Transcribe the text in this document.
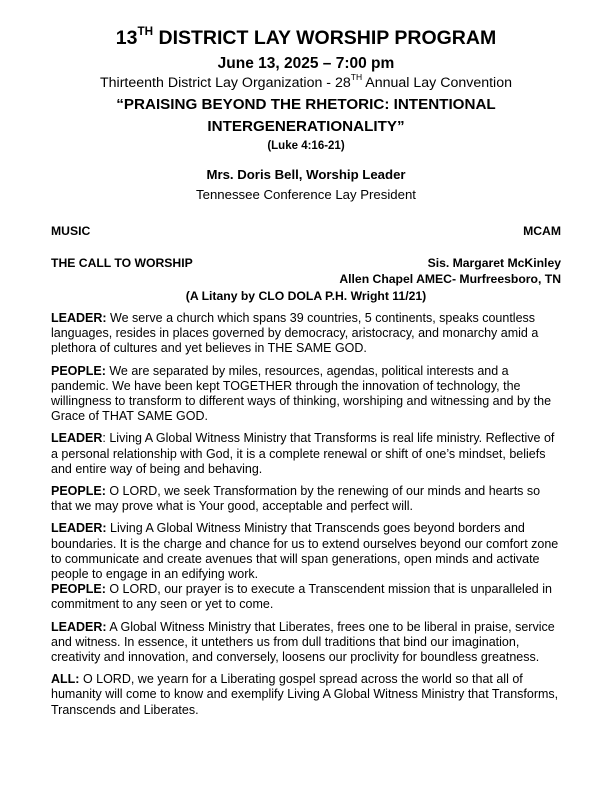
13TH DISTRICT LAY WORSHIP PROGRAM
June 13, 2025 – 7:00 pm
Thirteenth District Lay Organization - 28TH Annual Lay Convention
“PRAISING BEYOND THE RHETORIC: INTENTIONAL INTERGENERATIONALITY”
(Luke 4:16-21)
Mrs. Doris Bell, Worship Leader
Tennessee Conference Lay President
MUSIC	MCAM
THE CALL TO WORSHIP	Sis. Margaret McKinley
Allen Chapel AMEC- Murfreesboro, TN
(A Litany by CLO DOLA P.H. Wright 11/21)

LEADER: We serve a church which spans 39 countries, 5 continents, speaks countless languages, resides in places governed by democracy, aristocracy, and monarchy amid a plethora of cultures and yet believes in THE SAME GOD.

PEOPLE: We are separated by miles, resources, agendas, political interests and a pandemic. We have been kept TOGETHER through the innovation of technology, the willingness to transform to different ways of thinking, worshiping and witnessing and by the Grace of THAT SAME GOD.

LEADER: Living A Global Witness Ministry that Transforms is real life ministry. Reflective of a personal relationship with God, it is a complete renewal or shift of one’s mindset, beliefs and entire way of being and behaving.

PEOPLE: O LORD, we seek Transformation by the renewing of our minds and hearts so that we may prove what is Your good, acceptable and perfect will.

LEADER: Living A Global Witness Ministry that Transcends goes beyond borders and boundaries. It is the charge and chance for us to extend ourselves beyond our comfort zone to communicate and create avenues that will span generations, open minds and activate people to engage in an edifying work.

PEOPLE: O LORD, our prayer is to execute a Transcendent mission that is unparalleled in commitment to any seen or yet to come.

LEADER: A Global Witness Ministry that Liberates, frees one to be liberal in praise, service and witness. In essence, it untethers us from dull traditions that bind our imagination, creativity and innovation, and conversely, loosens our proclivity for boundless greatness.

ALL: O LORD, we yearn for a Liberating gospel spread across the world so that all of humanity will come to know and exemplify Living A Global Witness Ministry that Transforms, Transcends and Liberates.
